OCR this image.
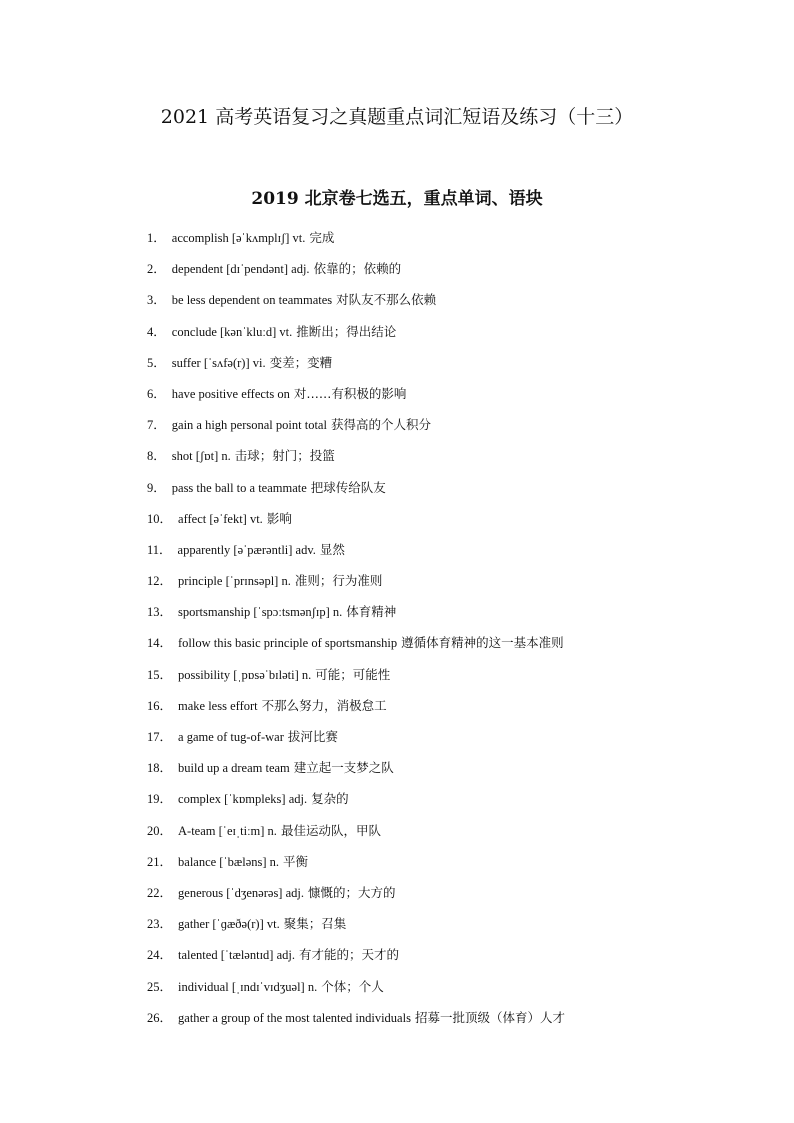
2021 高考英语复习之真题重点词汇短语及练习（十三）
2019 北京卷七选五，重点单词、语块
1． accomplish [əˈkʌmplɪʃ] vt. 完成
2． dependent [dɪˈpendənt] adj. 依靠的；依赖的
3． be less dependent on teammates 对队友不那么依赖
4． conclude [kənˈkluːd] vt. 推断出；得出结论
5． suffer [ˈsʌfə(r)] vi. 变差；变糟
6． have positive effects on 对……有积极的影响
7． gain a high personal point total 获得高的个人积分
8． shot [ʃɒt] n. 击球；射门；投篮
9． pass the ball to a teammate 把球传给队友
10． affect [əˈfekt] vt. 影响
11． apparently [əˈpærəntli] adv. 显然
12． principle [ˈprɪnsəpl] n. 准则；行为准则
13． sportsmanship [ˈspɔːtsmənʃɪp] n. 体育精神
14． follow this basic principle of sportsmanship 遵循体育精神的这一基本准则
15． possibility [ˌpɒsəˈbɪləti] n. 可能；可能性
16． make less effort 不那么努力，消极怠工
17． a game of tug-of-war 拔河比赛
18． build up a dream team 建立起一支梦之队
19． complex [ˈkɒmpleks] adj. 复杂的
20． A-team [ˈeɪˌtiːm] n. 最佳运动队，甲队
21． balance [ˈbæləns] n. 平衡
22． generous [ˈdʒenərəs] adj. 慷慨的；大方的
23． gather [ˈɡæðə(r)] vt. 聚集；召集
24． talented [ˈtæləntɪd] adj. 有才能的；天才的
25． individual [ˌɪndɪˈvɪdʒuəl] n. 个体；个人
26． gather a group of the most talented individuals 招募一批顶级（体育）人才
